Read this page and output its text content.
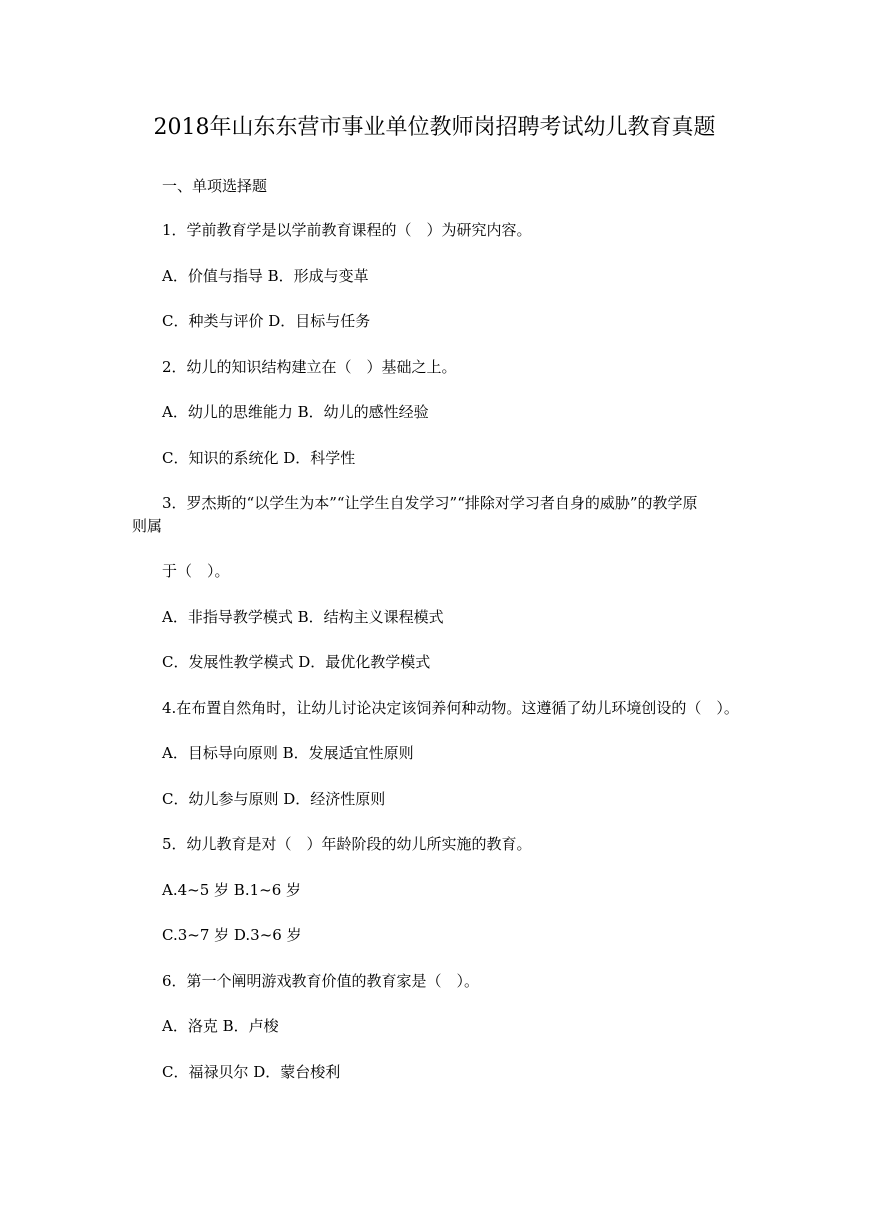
2018年山东东营市事业单位教师岗招聘考试幼儿教育真题
一、单项选择题
1．学前教育学是以学前教育课程的（　）为研究内容。
A．价值与指导 B．形成与变革
C．种类与评价 D．目标与任务
2．幼儿的知识结构建立在（　）基础之上。
A．幼儿的思维能力 B．幼儿的感性经验
C．知识的系统化 D．科学性
3．罗杰斯的“以学生为本”“让学生自发学习”“排除对学习者自身的威胁”的教学原
则属
于（　）。
A．非指导教学模式 B．结构主义课程模式
C．发展性教学模式 D．最优化教学模式
4.在布置自然角时，让幼儿讨论决定该饲养何种动物。这遵循了幼儿环境创设的（　）。
A．目标导向原则 B．发展适宜性原则
C．幼儿参与原则 D．经济性原则
5．幼儿教育是对（　）年龄阶段的幼儿所实施的教育。
A.4~5 岁 B.1~6 岁
C.3~7 岁 D.3~6 岁
6．第一个阐明游戏教育价值的教育家是（　）。
A．洛克 B．卢梭
C．福禄贝尔 D．蒙台梭利
